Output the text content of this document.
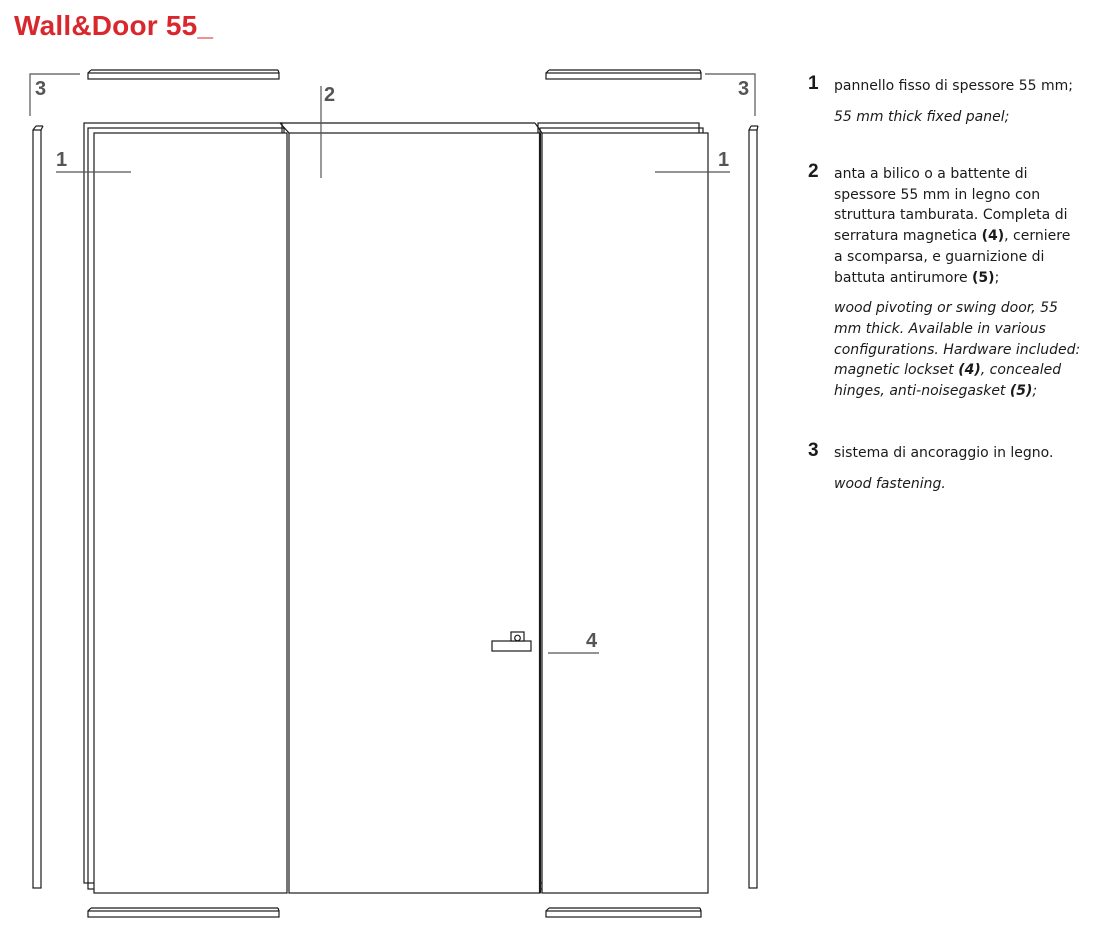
Wall&Door 55_
3	3
2
1	1
4
1 pannello fisso di spessore 55 mm;
55 mm thick fixed panel;
2 anta a bilico o a battente di
spessore 55 mm in legno con
struttura tamburata. Completa di
serratura magnetica (4), cerniere
a scomparsa, e guarnizione di
battuta antirumore (5);
wood pivoting or swing door, 55
mm thick. Available in various
configurations. Hardware included:
magnetic lockset (4), concealed
hinges, anti-noisegasket (5);
3 sistema di ancoraggio in legno.
wood fastening.
